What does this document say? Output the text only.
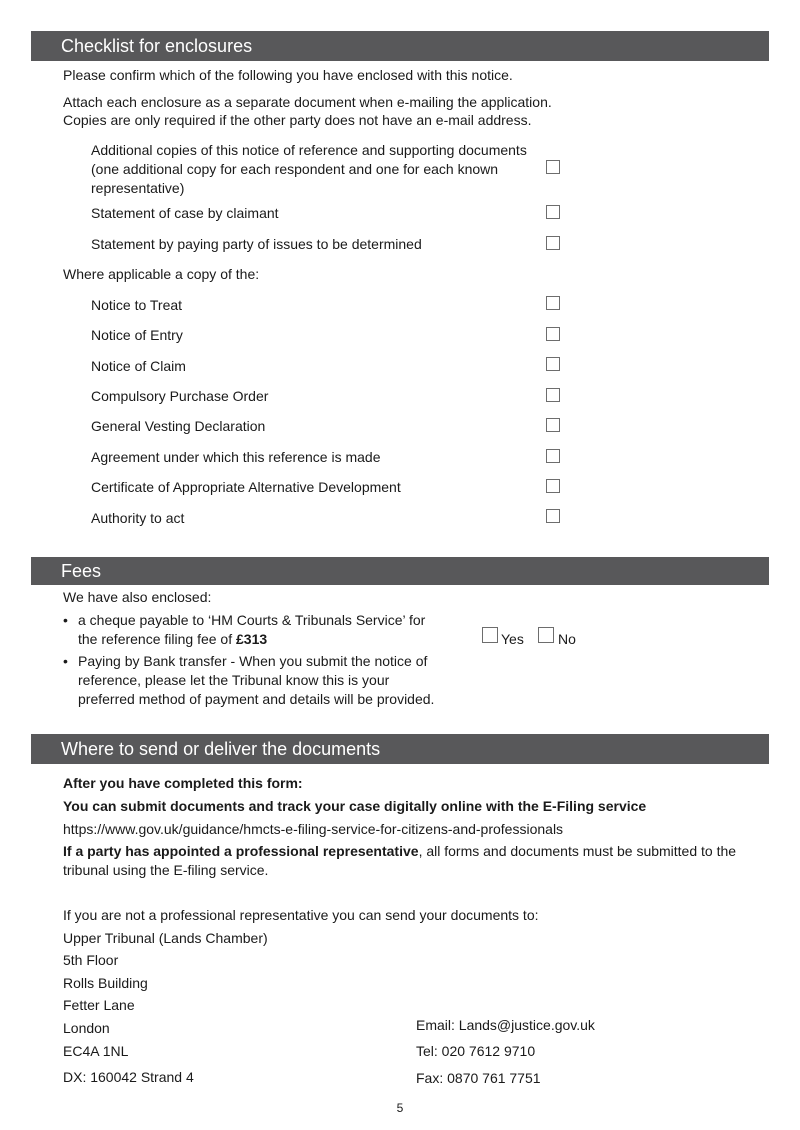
Checklist for enclosures
Please confirm which of the following you have enclosed with this notice.
Attach each enclosure as a separate document when e-mailing the application.
Copies are only required if the other party does not have an e-mail address.
Additional copies of this notice of reference and supporting documents (one additional copy for each respondent and one for each known representative)
Statement of case by claimant
Statement by paying party of issues to be determined
Where applicable a copy of the:
Notice to Treat
Notice of Entry
Notice of Claim
Compulsory Purchase Order
General Vesting Declaration
Agreement under which this reference is made
Certificate of Appropriate Alternative Development
Authority to act
Fees
We have also enclosed:
• a cheque payable to ‘HM Courts & Tribunals Service’ for the reference filing fee of £313
• Paying by Bank transfer - When you submit the notice of reference, please let the Tribunal know this is your preferred method of payment and details will be provided.
Yes No
Where to send or deliver the documents
After you have completed this form:
You can submit documents and track your case digitally online with the E-Filing service
https://www.gov.uk/guidance/hmcts-e-filing-service-for-citizens-and-professionals
If a party has appointed a professional representative, all forms and documents must be submitted to the tribunal using the E-filing service.
If you are not a professional representative you can send your documents to:
Upper Tribunal (Lands Chamber)
5th Floor
Rolls Building
Fetter Lane
London
EC4A 1NL
DX: 160042 Strand 4
Email: Lands@justice.gov.uk
Tel: 020 7612 9710
Fax: 0870 761 7751
5
